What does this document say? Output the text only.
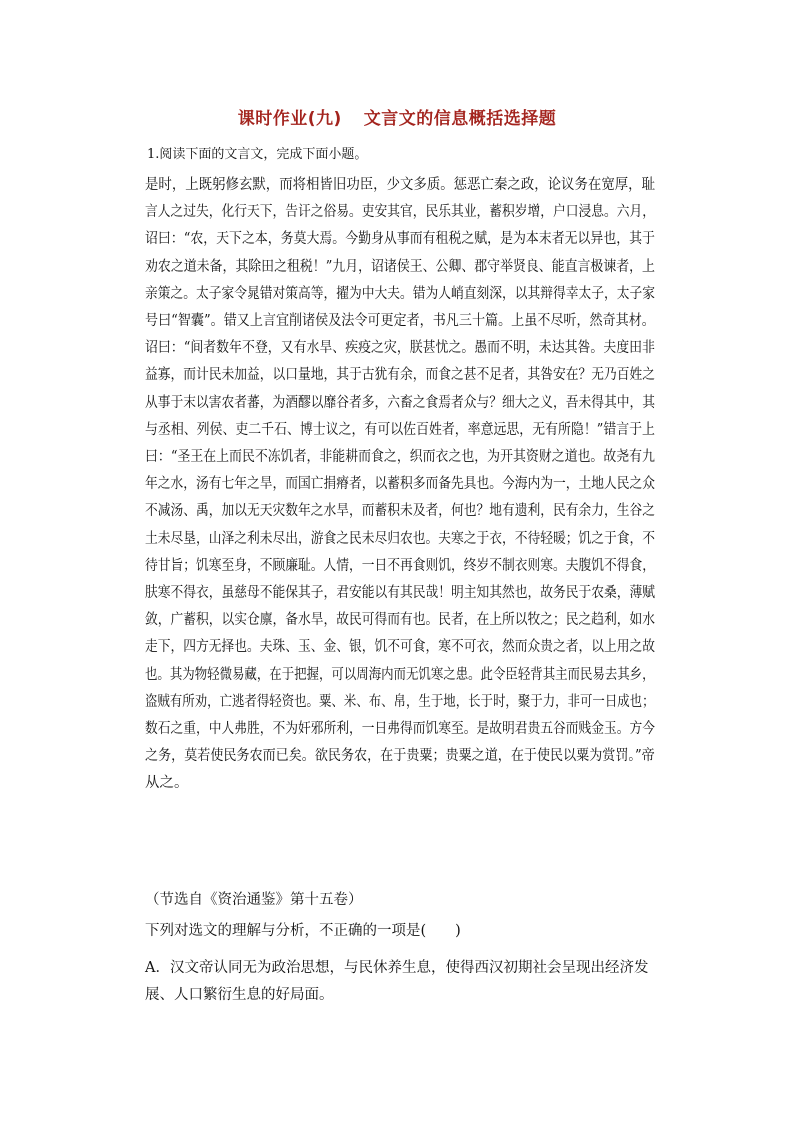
课时作业(九) 文言文的信息概括选择题

1.阅读下面的文言文，完成下面小题。

是时，上既躬修玄默，而将相皆旧功臣，少文多质。惩恶亡秦之政，论议务在宽厚，耻
言人之过失，化行天下，告讦之俗易。吏安其官，民乐其业，蓄积岁增，户口浸息。六月，
诏曰：“农，天下之本，务莫大焉。今勤身从事而有租税之赋，是为本末者无以异也，其于
劝农之道未备，其除田之租税！”九月，诏诸侯王、公卿、郡守举贤良、能直言极谏者，上
亲策之。太子家令晁错对策高等，擢为中大夫。错为人峭直刻深，以其辩得幸太子，太子家
号曰“智囊”。错又上言宜削诸侯及法令可更定者，书凡三十篇。上虽不尽听，然奇其材。
诏曰：“间者数年不登，又有水旱、疾疫之灾，朕甚忧之。愚而不明，未达其咎。夫度田非
益寡，而计民未加益，以口量地，其于古犹有余，而食之甚不足者，其咎安在？无乃百姓之
从事于末以害农者蕃，为酒醪以靡谷者多，六畜之食焉者众与？细大之义，吾未得其中，其
与丞相、列侯、吏二千石、博士议之，有可以佐百姓者，率意远思，无有所隐！”错言于上
曰：“圣王在上而民不冻饥者，非能耕而食之，织而衣之也，为开其资财之道也。故尧有九
年之水，汤有七年之旱，而国亡捐瘠者，以蓄积多而备先具也。今海内为一，土地人民之众
不减汤、禹，加以无天灾数年之水旱，而蓄积未及者，何也？地有遗利，民有余力，生谷之
土未尽垦，山泽之利未尽出，游食之民未尽归农也。夫寒之于衣，不待轻暖；饥之于食，不
待甘旨；饥寒至身，不顾廉耻。人情，一日不再食则饥，终岁不制衣则寒。夫腹饥不得食，
肤寒不得衣，虽慈母不能保其子，君安能以有其民哉！明主知其然也，故务民于农桑，薄赋
敛，广蓄积，以实仓廪，备水旱，故民可得而有也。民者，在上所以牧之；民之趋利，如水
走下，四方无择也。夫珠、玉、金、银，饥不可食，寒不可衣，然而众贵之者，以上用之故
也。其为物轻微易藏，在于把握，可以周海内而无饥寒之患。此令臣轻背其主而民易去其乡，
盗贼有所劝，亡逃者得轻资也。粟、米、布、帛，生于地，长于时，聚于力，非可一日成也；
数石之重，中人弗胜，不为奸邪所利，一日弗得而饥寒至。是故明君贵五谷而贱金玉。方今
之务，莫若使民务农而已矣。欲民务农，在于贵粟；贵粟之道，在于使民以粟为赏罚。”帝
从之。

（节选自《资治通鉴》第十五卷）

下列对选文的理解与分析，不正确的一项是(　　)

A．汉文帝认同无为政治思想，与民休养生息，使得西汉初期社会呈现出经济发展、人口繁衍生息的好局面。
